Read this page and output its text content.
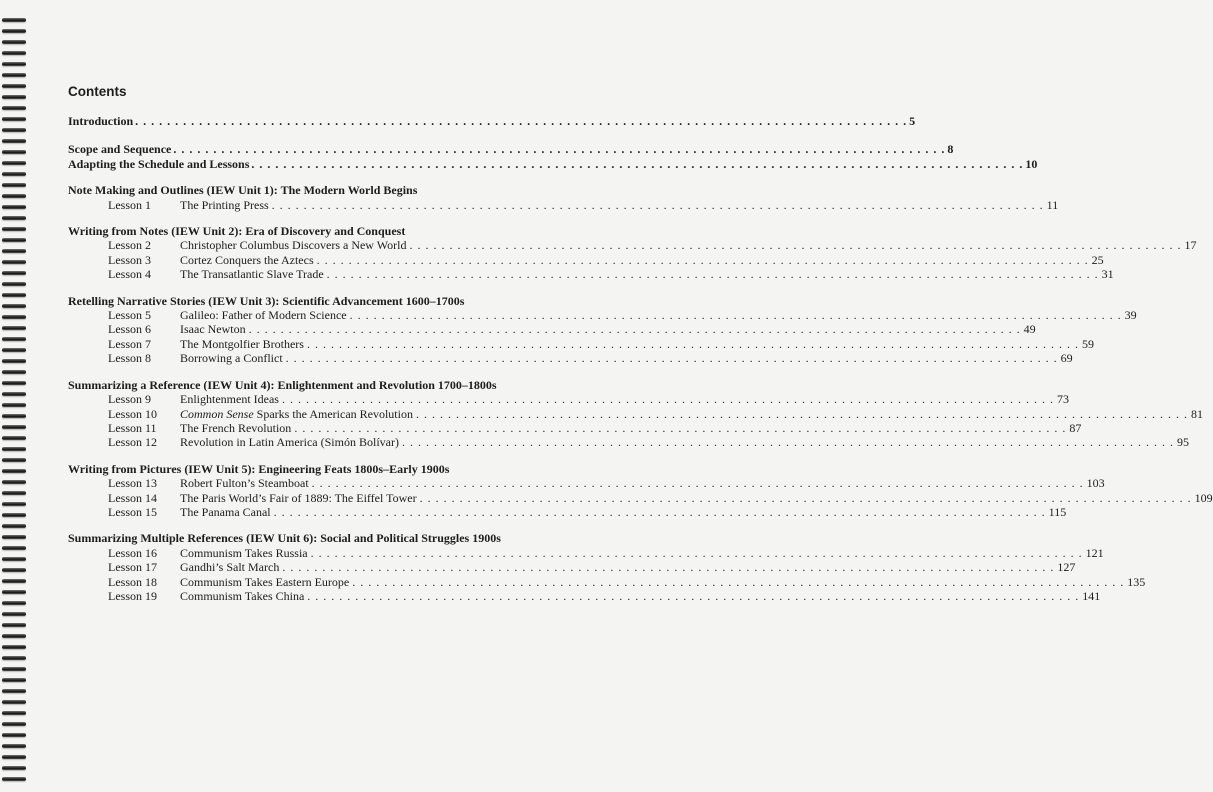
Contents
Introduction . . .	5
Scope and Sequence . . .	8
Adapting the Schedule and Lessons . . .	10
Note Making and Outlines (IEW Unit 1): The Modern World Begins
Lesson 1	The Printing Press . . .	11
Writing from Notes (IEW Unit 2): Era of Discovery and Conquest
Lesson 2	Christopher Columbus Discovers a New World . . .	17
Lesson 3	Cortez Conquers the Aztecs . . .	25
Lesson 4	The Transatlantic Slave Trade . . .	31
Retelling Narrative Stories (IEW Unit 3): Scientific Advancement 1600–1700s
Lesson 5	Galileo: Father of Modern Science . . .	39
Lesson 6	Isaac Newton . . .	49
Lesson 7	The Montgolfier Brothers . . .	59
Lesson 8	Borrowing a Conflict . . .	69
Summarizing a Reference (IEW Unit 4): Enlightenment and Revolution 1700–1800s
Lesson 9	Enlightenment Ideas . . .	73
Lesson 10	Common Sense Sparks the American Revolution . . .	81
Lesson 11	The French Revolution . . .	87
Lesson 12	Revolution in Latin America (Simón Bolívar) . . .	95
Writing from Pictures (IEW Unit 5): Engineering Feats 1800s–Early 1900s
Lesson 13	Robert Fulton’s Steamboat . . .	103
Lesson 14	The Paris World’s Fair of 1889: The Eiffel Tower . . .	109
Lesson 15	The Panama Canal . . .	115
Summarizing Multiple References (IEW Unit 6): Social and Political Struggles 1900s
Lesson 16	Communism Takes Russia . . .	121
Lesson 17	Gandhi’s Salt March . . .	127
Lesson 18	Communism Takes Eastern Europe . . .	135
Lesson 19	Communism Takes China . . .	141
